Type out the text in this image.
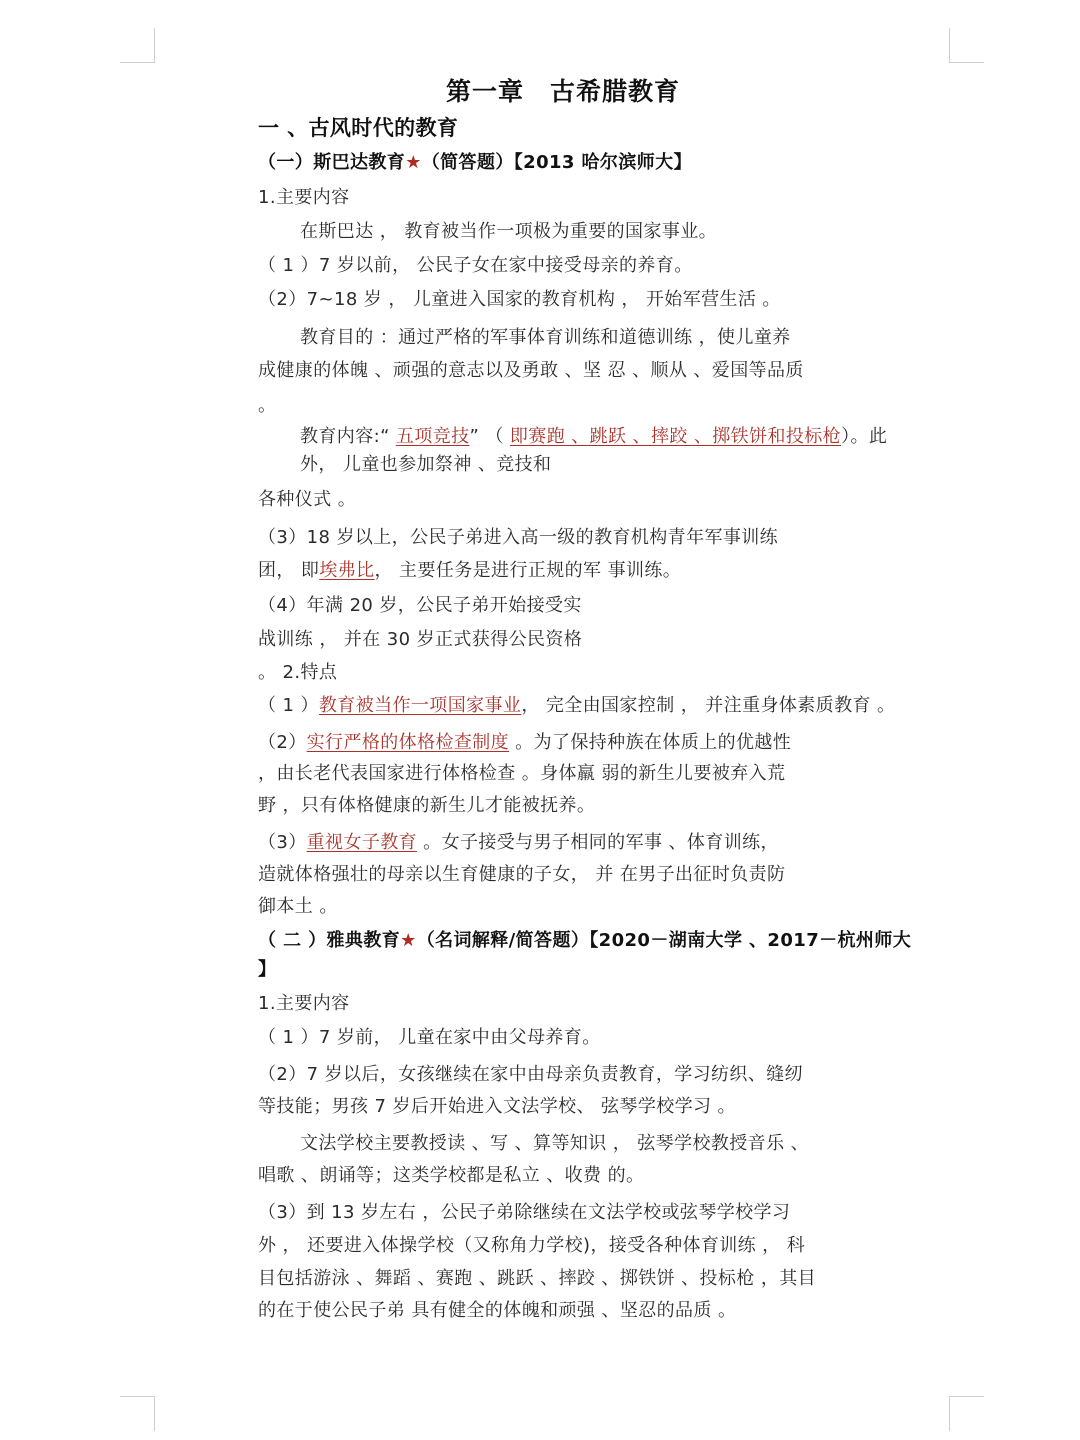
第一章　古希腊教育
一 、古风时代的教育
（一）斯巴达教育★（简答题）【2013 哈尔滨师大】
1.主要内容
在斯巴达 ， 教育被当作一项极为重要的国家事业。
（ 1 ）7 岁以前， 公民子女在家中接受母亲的养育。
（2）7~18 岁 ， 儿童进入国家的教育机构 ， 开始军营生活 。
教育目的 ：通过严格的军事体育训练和道德训练 ，使儿童养
成健康的体魄 、顽强的意志以及勇敢 、坚 忍 、顺从 、爱国等品质
。
教育内容:“ 五项竞技” （ 即赛跑 、跳跃 、摔跤 、掷铁饼和投标枪）。此
外， 儿童也参加祭神 、竞技和
各种仪式 。
（3）18 岁以上，公民子弟进入高一级的教育机构青年军事训练
团， 即埃弗比， 主要任务是进行正规的军 事训练。
（4）年满 20 岁，公民子弟开始接受实
战训练 ， 并在 30 岁正式获得公民资格
。 2.特点
（ 1 ）教育被当作一项国家事业， 完全由国家控制 ， 并注重身体素质教育 。
（2）实行严格的体格检查制度 。为了保持种族在体质上的优越性
，由长老代表国家进行体格检查 。身体羸 弱的新生儿要被弃入荒
野 ，只有体格健康的新生儿才能被抚养。
（3）重视女子教育 。女子接受与男子相同的军事 、体育训练，
造就体格强壮的母亲以生育健康的子女， 并 在男子出征时负责防
御本土 。
（ 二 ）雅典教育★（名词解释/简答题）【2020－湖南大学 、2017－杭州师大
】
1.主要内容
（ 1 ）7 岁前， 儿童在家中由父母养育。
（2）7 岁以后，女孩继续在家中由母亲负责教育，学习纺织、缝纫
等技能；男孩 7 岁后开始进入文法学校、 弦琴学校学习 。
文法学校主要教授读 、写 、算等知识 ， 弦琴学校教授音乐 、
唱歌 、朗诵等；这类学校都是私立 、收费 的。
（3）到 13 岁左右 ，公民子弟除继续在文法学校或弦琴学校学习
外 ， 还要进入体操学校（又称角力学校)，接受各种体育训练 ， 科
目包括游泳 、舞蹈 、赛跑 、跳跃 、摔跤 、掷铁饼 、投标枪 ，其目
的在于使公民子弟 具有健全的体魄和顽强 、坚忍的品质 。
